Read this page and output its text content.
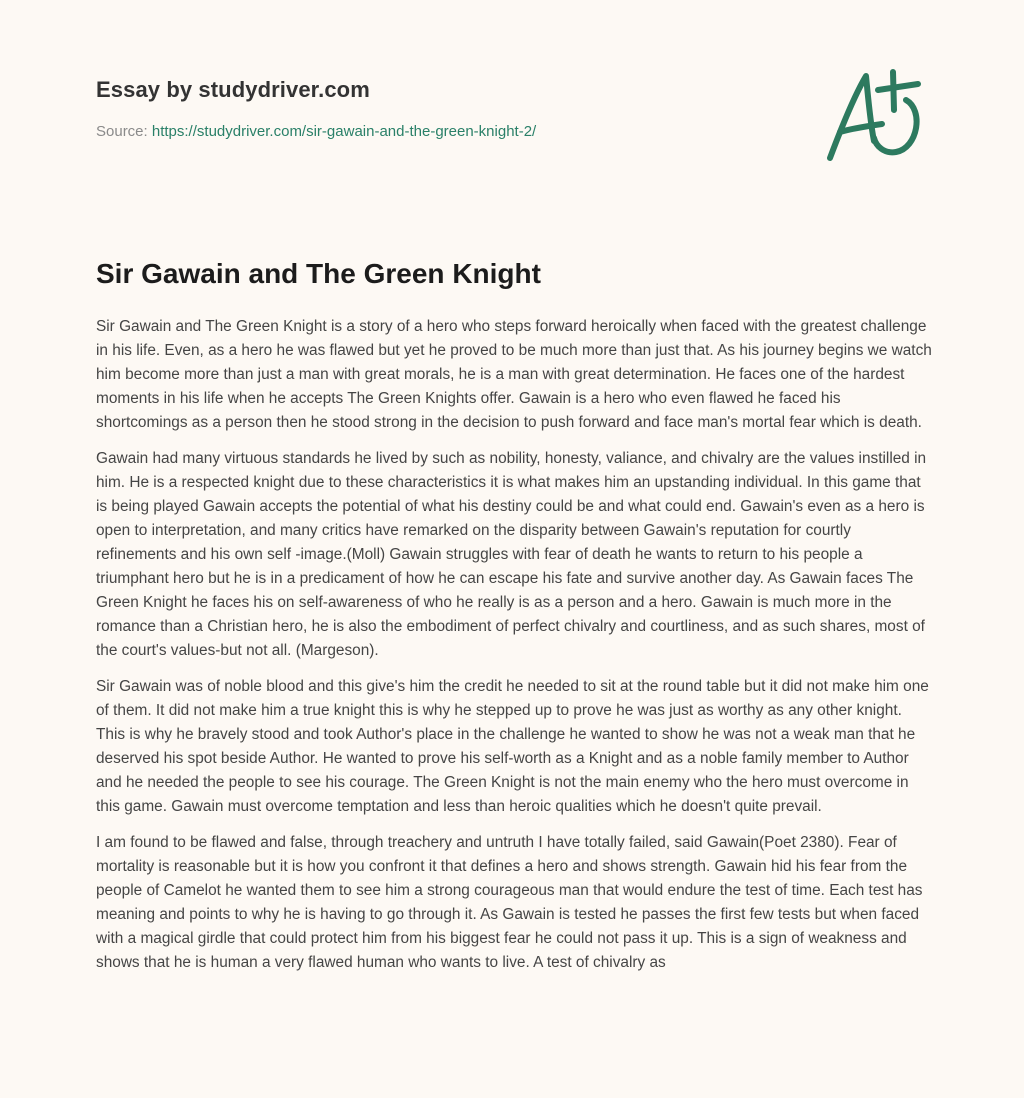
Essay by studydriver.com
Source: https://studydriver.com/sir-gawain-and-the-green-knight-2/
Sir Gawain and The Green Knight

Sir Gawain and The Green Knight is a story of a hero who steps forward heroically when faced with the greatest challenge in his life. Even, as a hero he was flawed but yet he proved to be much more than just that. As his journey begins we watch him become more than just a man with great morals, he is a man with great determination. He faces one of the hardest moments in his life when he accepts The Green Knights offer. Gawain is a hero who even flawed he faced his shortcomings as a person then he stood strong in the decision to push forward and face man's mortal fear which is death.

Gawain had many virtuous standards he lived by such as nobility, honesty, valiance, and chivalry are the values instilled in him. He is a respected knight due to these characteristics it is what makes him an upstanding individual. In this game that is being played Gawain accepts the potential of what his destiny could be and what could end. Gawain's even as a hero is open to interpretation, and many critics have remarked on the disparity between Gawain's reputation for courtly refinements and his own self -image.(Moll) Gawain struggles with fear of death he wants to return to his people a triumphant hero but he is in a predicament of how he can escape his fate and survive another day. As Gawain faces The Green Knight he faces his on self-awareness of who he really is as a person and a hero. Gawain is much more in the romance than a Christian hero, he is also the embodiment of perfect chivalry and courtliness, and as such shares, most of the court's values-but not all. (Margeson).

Sir Gawain was of noble blood and this give's him the credit he needed to sit at the round table but it did not make him one of them. It did not make him a true knight this is why he stepped up to prove he was just as worthy as any other knight. This is why he bravely stood and took Author's place in the challenge he wanted to show he was not a weak man that he deserved his spot beside Author. He wanted to prove his self-worth as a Knight and as a noble family member to Author and he needed the people to see his courage. The Green Knight is not the main enemy who the hero must overcome in this game. Gawain must overcome temptation and less than heroic qualities which he doesn't quite prevail.

I am found to be flawed and false, through treachery and untruth I have totally failed, said Gawain(Poet 2380). Fear of mortality is reasonable but it is how you confront it that defines a hero and shows strength. Gawain hid his fear from the people of Camelot he wanted them to see him a strong courageous man that would endure the test of time. Each test has meaning and points to why he is having to go through it. As Gawain is tested he passes the first few tests but when faced with a magical girdle that could protect him from his biggest fear he could not pass it up. This is a sign of weakness and shows that he is human a very flawed human who wants to live. A test of chivalry as
